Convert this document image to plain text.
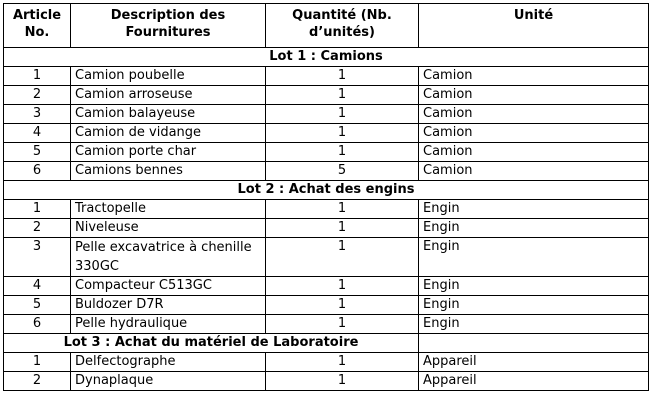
Article No.	Description des Fournitures	Quantité (Nb. d’unités)	Unité
Lot 1 : Camions			
1	Camion poubelle	1	Camion
2	Camion arroseuse	1	Camion
3	Camion balayeuse	1	Camion
4	Camion de vidange	1	Camion
5	Camion porte char	1	Camion
6	Camions bennes	5	Camion
Lot 2 : Achat des engins			
1	Tractopelle	1	Engin
2	Niveleuse	1	Engin
3	Pelle excavatrice à chenille 330GC	1	Engin
4	Compacteur C513GC	1	Engin
5	Buldozer D7R	1	Engin
6	Pelle hydraulique	1	Engin
Lot 3 : Achat du matériel de Laboratoire			
1	Delfectographe	1	Appareil
2	Dynaplaque	1	Appareil
